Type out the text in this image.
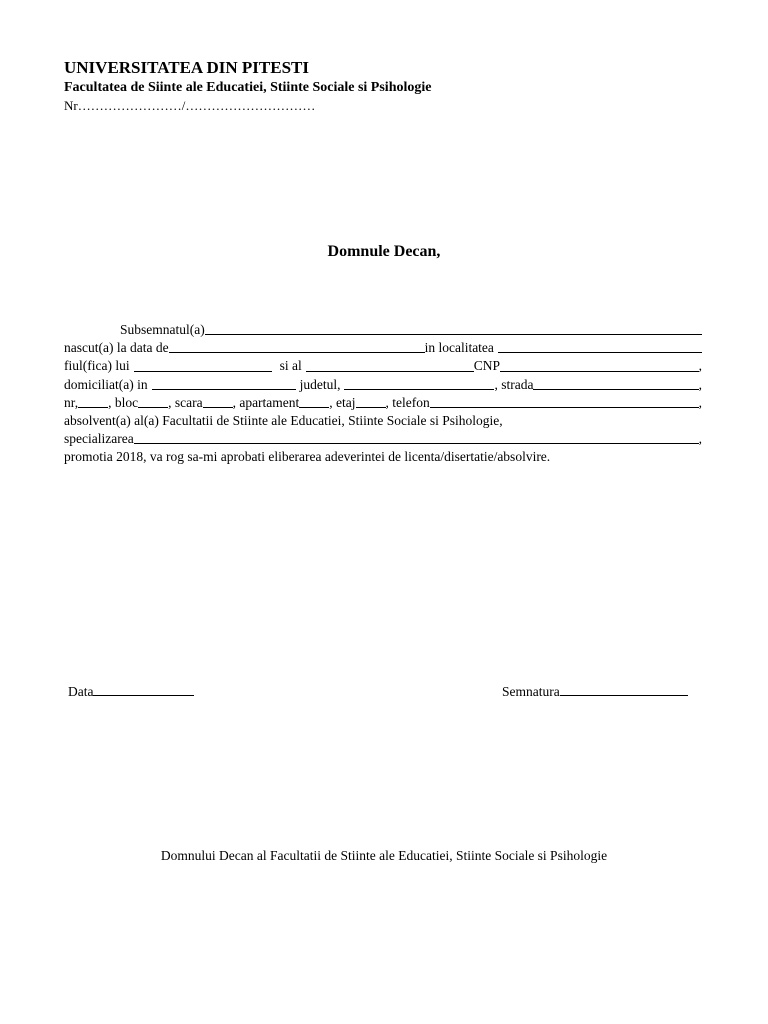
UNIVERSITATEA DIN PITESTI
Facultatea de Siinte ale Educatiei, Stiinte Sociale si Psihologie
Nr……………………/…………………………
Domnule Decan,
Subsemnatul(a)
nascut(a) la data de	in localitatea
fiul(fica) lui	si al	CNP	,
domiciliat(a) in	judetul,	, strada	,
nr, , bloc , scara , apartament , etaj , telefon	,
absolvent(a) al(a) Facultatii de Stiinte ale Educatiei, Stiinte Sociale si Psihologie,
specializarea	,
promotia 2018, va rog sa-mi aprobati eliberarea adeverintei de licenta/disertatie/absolvire.
Data	Semnatura
Domnului Decan al Facultatii de Stiinte ale Educatiei, Stiinte Sociale si Psihologie
